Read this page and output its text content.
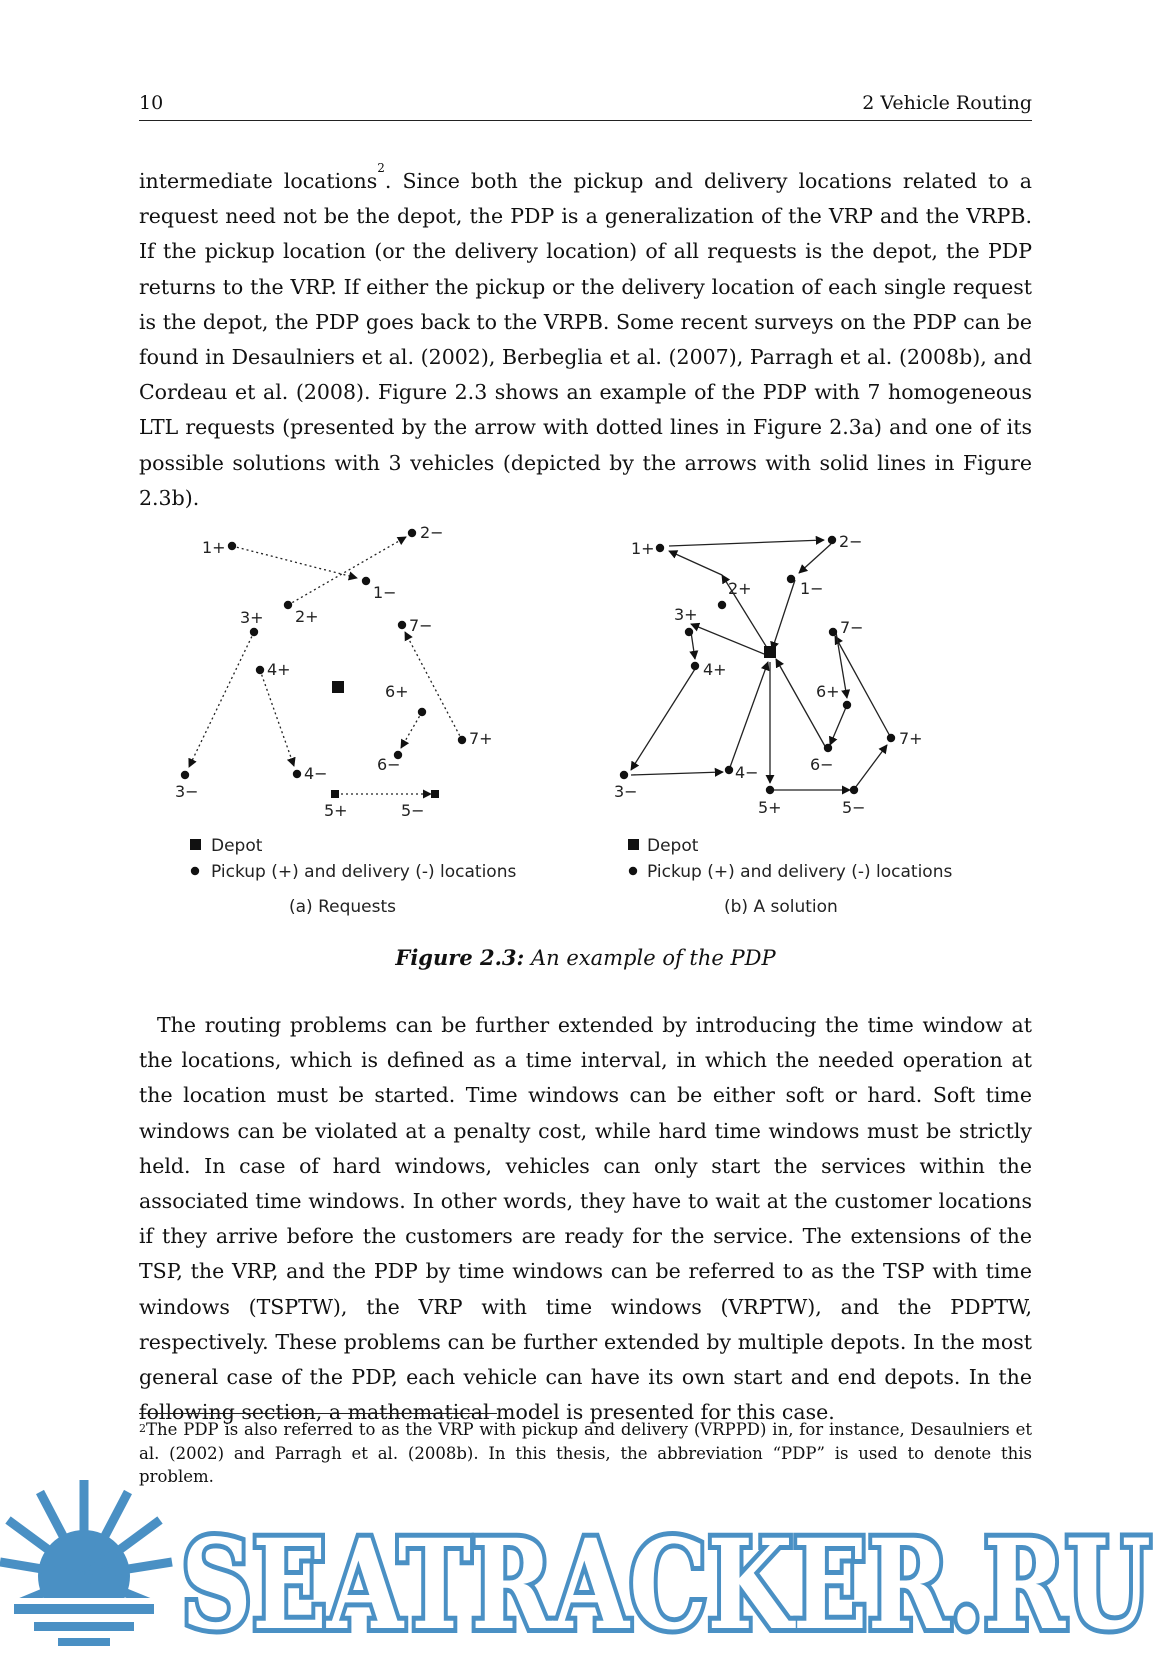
10	2 Vehicle Routing

intermediate locations$^2$. Since both the pickup and delivery locations related to a request need not be the depot, the PDP is a generalization of the VRP and the VRPB. If the pickup location (or the delivery location) of all requests is the depot, the PDP returns to the VRP. If either the pickup or the delivery location of each single request is the depot, the PDP goes back to the VRPB. Some recent surveys on the PDP can be found in Desaulniers et al. (2002), Berbeglia et al. (2007), Parragh et al. (2008b), and Cordeau et al. (2008). Figure 2.3 shows an example of the PDP with 7 homogeneous LTL requests (presented by the arrow with dotted lines in Figure 2.3a) and one of its possible solutions with 3 vehicles (depicted by the arrows with solid lines in Figure 2.3b).

1+
1−
2+
2−
3+
3−
4+
4−
5+	5−
6+
6−
7+
7−
Depot
Pickup (+) and delivery (-) locations
(a) Requests
1+
1−
2+
2−
3+
3−
4+
4−
5+	5−
6+
6−
7+
7−
Depot
Pickup (+) and delivery (-) locations
(b) A solution
Figure 2.3: An example of the PDP

The routing problems can be further extended by introducing the time window at the locations, which is defined as a time interval, in which the needed operation at the location must be started. Time windows can be either soft or hard. Soft time windows can be violated at a penalty cost, while hard time windows must be strictly held. In case of hard windows, vehicles can only start the services within the associated time windows. In other words, they have to wait at the customer locations if they arrive before the customers are ready for the service. The extensions of the TSP, the VRP, and the PDP by time windows can be referred to as the TSP with time windows (TSPTW), the VRP with time windows (VRPTW), and the PDPTW, respectively. These problems can be further extended by multiple depots. In the most general case of the PDP, each vehicle can have its own start and end depots. In the following section, a mathematical model is presented for this case.

$^2$The PDP is also referred to as the VRP with pickup and delivery (VRPPD) in, for instance, Desaulniers et al. (2002) and Parragh et al. (2008b). In this thesis, the abbreviation “PDP” is used to denote this problem.

SEATRACKER.RU
